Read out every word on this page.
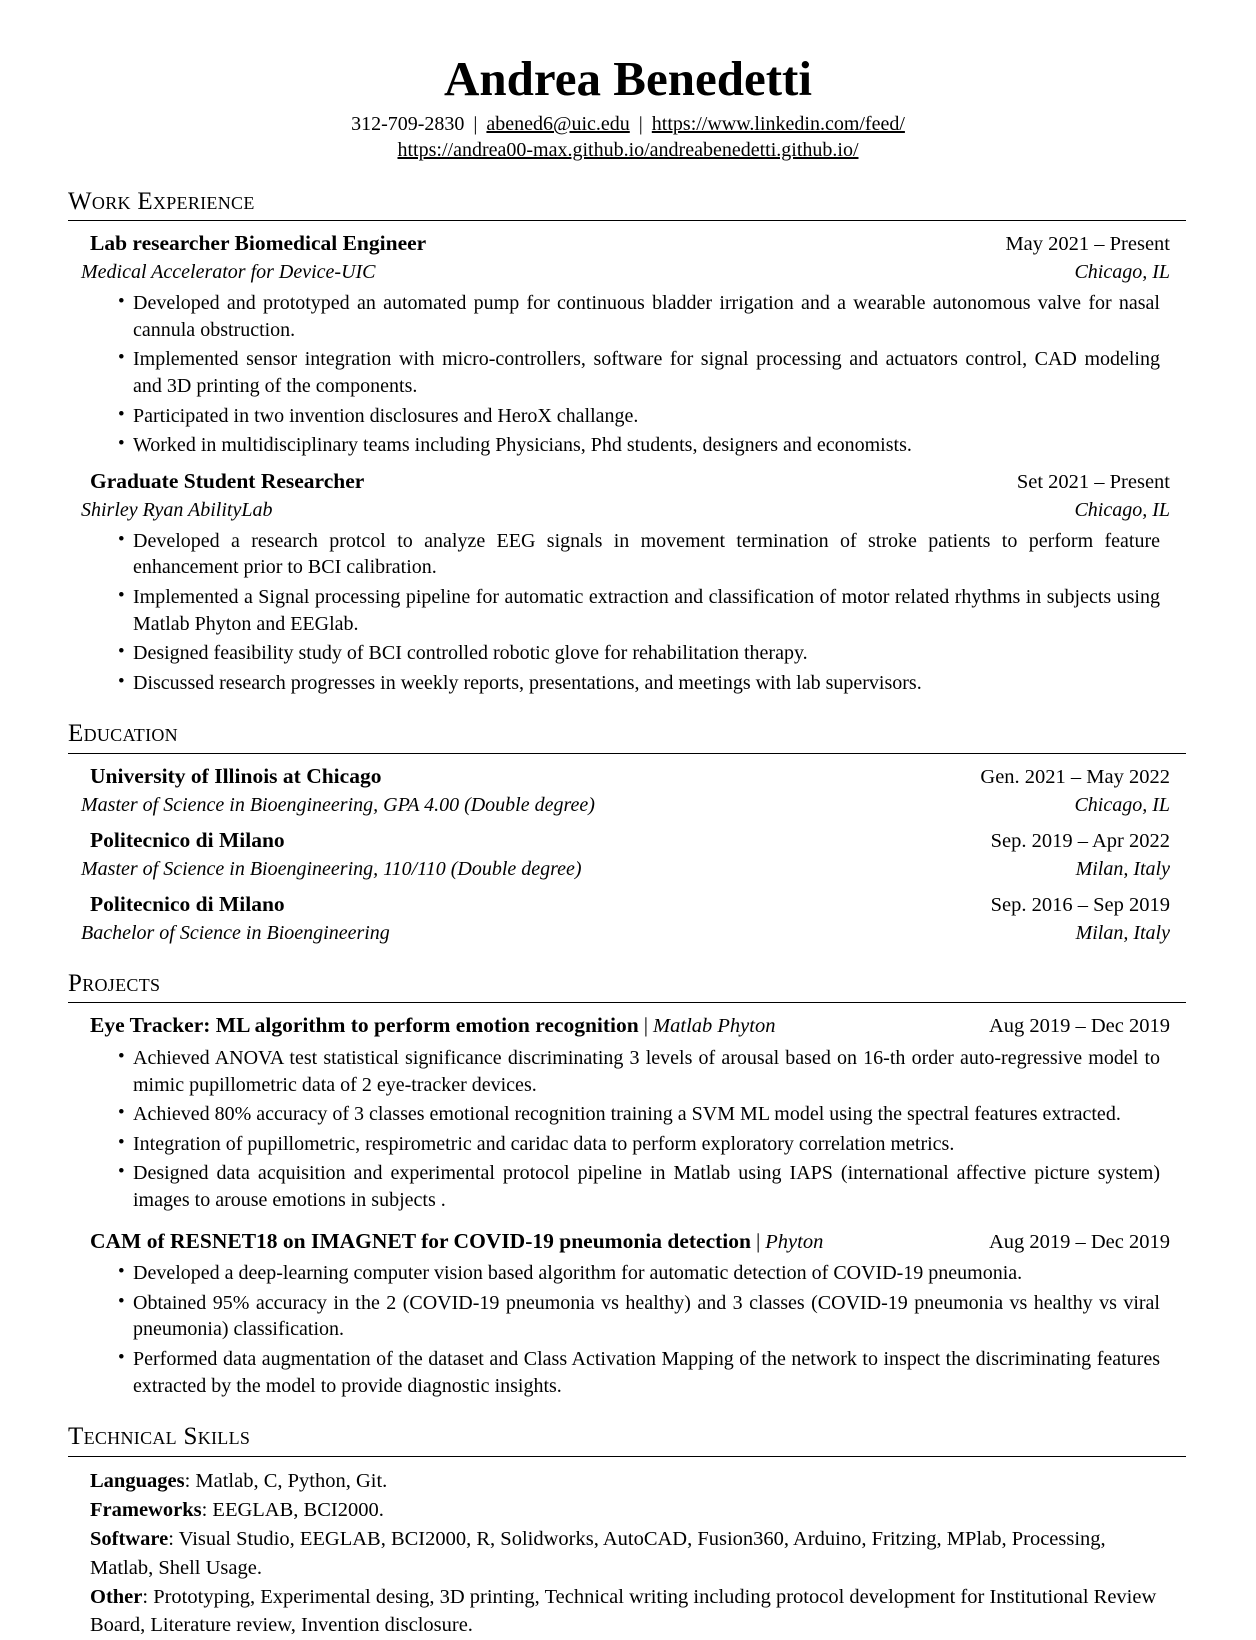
Andrea Benedetti
312-709-2830 | abened6@uic.edu | https://www.linkedin.com/feed/
https://andrea00-max.github.io/andreabenedetti.github.io/
Work Experience
Lab researcher Biomedical Engineer	May 2021 – Present
Medical Accelerator for Device-UIC	Chicago, IL
• Developed and prototyped an automated pump for continuous bladder irrigation and a wearable autonomous valve for nasal cannula obstruction.
• Implemented sensor integration with micro-controllers, software for signal processing and actuators control, CAD modeling and 3D printing of the components.
• Participated in two invention disclosures and HeroX challange.
• Worked in multidisciplinary teams including Physicians, Phd students, designers and economists.
Graduate Student Researcher	Set 2021 – Present
Shirley Ryan AbilityLab	Chicago, IL
• Developed a research protcol to analyze EEG signals in movement termination of stroke patients to perform feature enhancement prior to BCI calibration.
• Implemented a Signal processing pipeline for automatic extraction and classification of motor related rhythms in subjects using Matlab Phyton and EEGlab.
• Designed feasibility study of BCI controlled robotic glove for rehabilitation therapy.
• Discussed research progresses in weekly reports, presentations, and meetings with lab supervisors.
Education
University of Illinois at Chicago	Gen. 2021 – May 2022
Master of Science in Bioengineering, GPA 4.00 (Double degree)	Chicago, IL
Politecnico di Milano	Sep. 2019 – Apr 2022
Master of Science in Bioengineering, 110/110 (Double degree)	Milan, Italy
Politecnico di Milano	Sep. 2016 – Sep 2019
Bachelor of Science in Bioengineering	Milan, Italy
Projects
Eye Tracker: ML algorithm to perform emotion recognition | Matlab Phyton	Aug 2019 – Dec 2019
• Achieved ANOVA test statistical significance discriminating 3 levels of arousal based on 16-th order auto-regressive model to mimic pupillometric data of 2 eye-tracker devices.
• Achieved 80% accuracy of 3 classes emotional recognition training a SVM ML model using the spectral features extracted.
• Integration of pupillometric, respirometric and caridac data to perform exploratory correlation metrics.
• Designed data acquisition and experimental protocol pipeline in Matlab using IAPS (international affective picture system) images to arouse emotions in subjects .
CAM of RESNET18 on IMAGNET for COVID-19 pneumonia detection | Phyton	Aug 2019 – Dec 2019
• Developed a deep-learning computer vision based algorithm for automatic detection of COVID-19 pneumonia.
• Obtained 95% accuracy in the 2 (COVID-19 pneumonia vs healthy) and 3 classes (COVID-19 pneumonia vs healthy vs viral pneumonia) classification.
• Performed data augmentation of the dataset and Class Activation Mapping of the network to inspect the discriminating features extracted by the model to provide diagnostic insights.
Technical Skills
Languages: Matlab, C, Python, Git.
Frameworks: EEGLAB, BCI2000.
Software: Visual Studio, EEGLAB, BCI2000, R, Solidworks, AutoCAD, Fusion360, Arduino, Fritzing, MPlab, Processing, Matlab, Shell Usage.
Other: Prototyping, Experimental desing, 3D printing, Technical writing including protocol development for Institutional Review Board, Literature review, Invention disclosure.
